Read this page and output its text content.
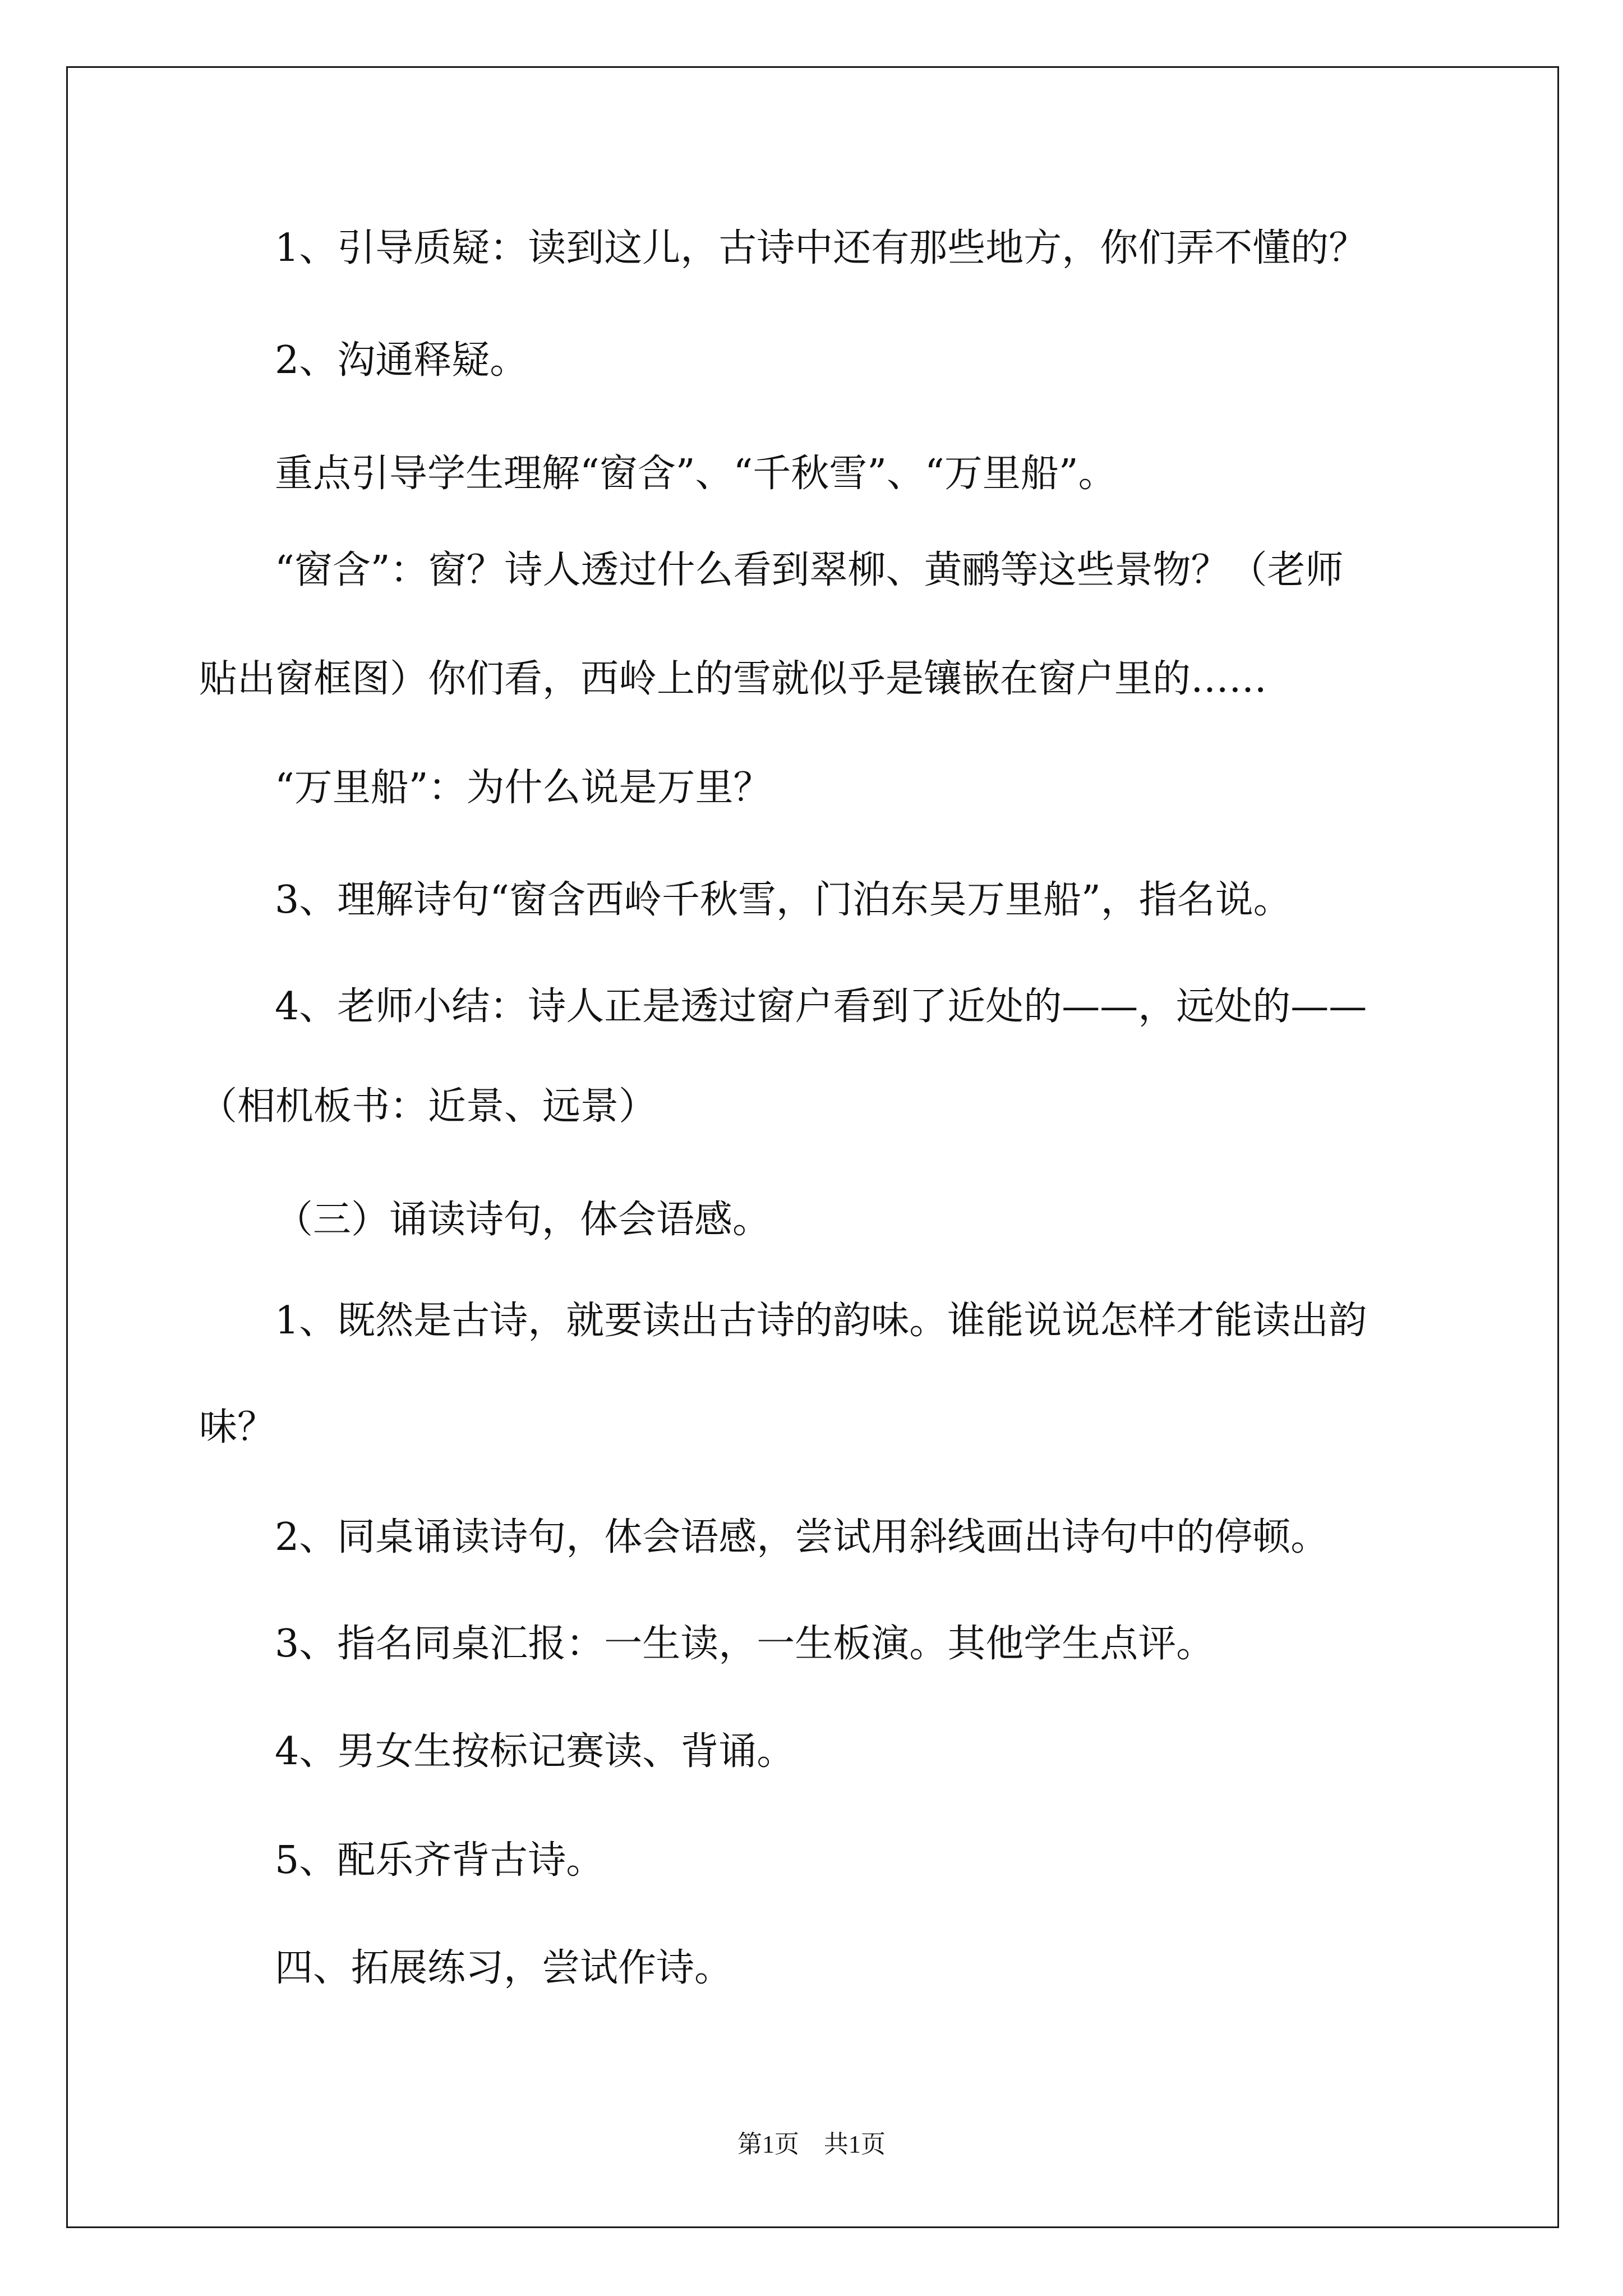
1、引导质疑：读到这儿，古诗中还有那些地方，你们弄不懂的？
2、沟通释疑。
重点引导学生理解“窗含”、“千秋雪”、“万里船”。
“窗含”：窗？诗人透过什么看到翠柳、黄鹂等这些景物？（老师
贴出窗框图）你们看，西岭上的雪就似乎是镶嵌在窗户里的……
“万里船”：为什么说是万里？
3、理解诗句“窗含西岭千秋雪，门泊东吴万里船”，指名说。
4、老师小结：诗人正是透过窗户看到了近处的——，远处的——
（相机板书：近景、远景）
（三）诵读诗句，体会语感。
1、既然是古诗，就要读出古诗的韵味。谁能说说怎样才能读出韵
味？
2、同桌诵读诗句，体会语感，尝试用斜线画出诗句中的停顿。
3、指名同桌汇报：一生读，一生板演。其他学生点评。
4、男女生按标记赛读、背诵。
5、配乐齐背古诗。
四、拓展练习，尝试作诗。
第1页　共1页
